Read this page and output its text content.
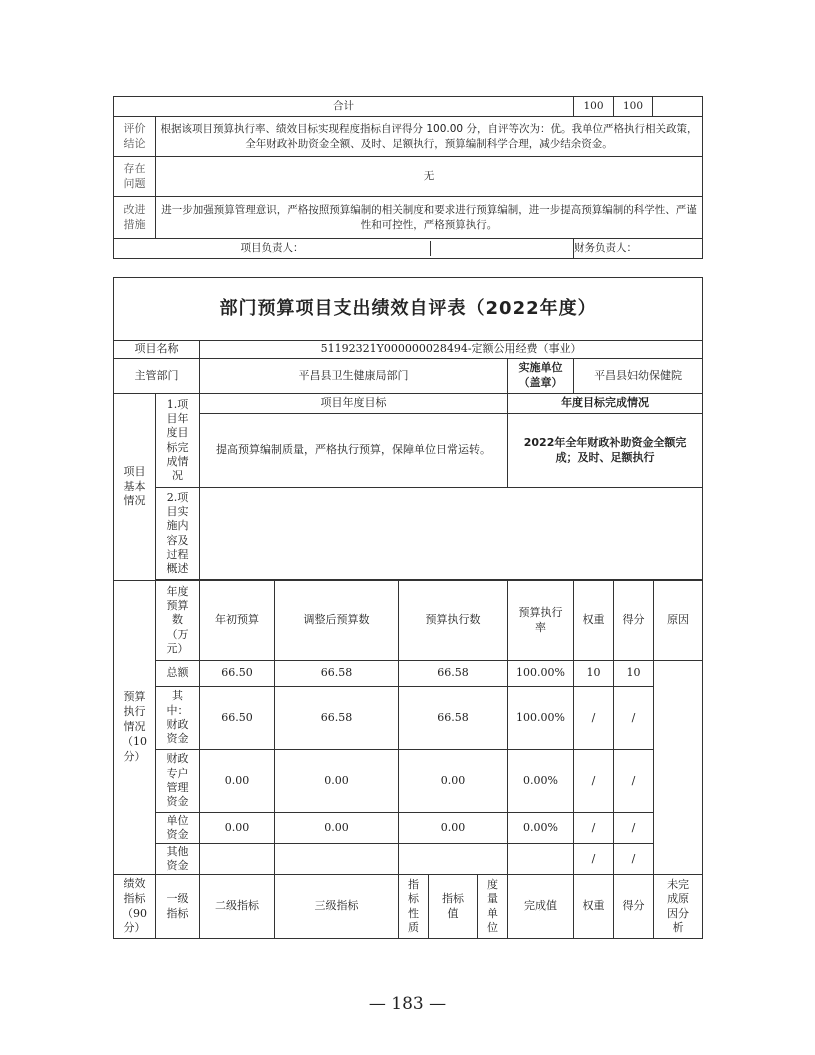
合计		100	100	
评价结论	根据该项目预算执行率、绩效目标实现程度指标自评得分 100.00 分，自评等次为：优。我单位严格执行相关政策，全年财政补助资金全额、及时、足额执行，预算编制科学合理，减少结余资金。			
存在问题	无			
改进措施	进一步加强预算管理意识，严格按照预算编制的相关制度和要求进行预算编制，进一步提高预算编制的科学性、严谨性和可控性，严格预算执行。			

项目负责人：		财务负责人：		
部门预算项目支出绩效自评表（2022年度）										
项目名称		51192321Y000000028494-定额公用经费（事业）								
主管部门		平昌县卫生健康局部门					实施单位（盖章）	平昌县妇幼保健院		
项目基本情况	1.项目年度目标完成情况	项目年度目标					年度目标完成情况			
		提高预算编制质量，严格执行预算，保障单位日常运转。					2022年全年财政补助资金全额完成；及时、足额执行			
	2.项目实施内容及过程概述									

预算执行情况（10分）	年度预算数（万元）	年初预算	调整后预算数	预算执行数			预算执行率	权重	得分	原因
	总额	66.50	66.58	66.58			100.00%	10	10	
	其中：财政资金	66.50	66.58	66.58			100.00%	/	/	
	财政专户管理资金	0.00	0.00	0.00			0.00%	/	/	
	单位资金	0.00	0.00	0.00			0.00%	/	/	
	其他资金							/	/	
绩效指标（90分）	一级指标	二级指标	三级指标	指标性质	指标值	度量单位	完成值	权重	得分	未完成原因分析
— 183 —
